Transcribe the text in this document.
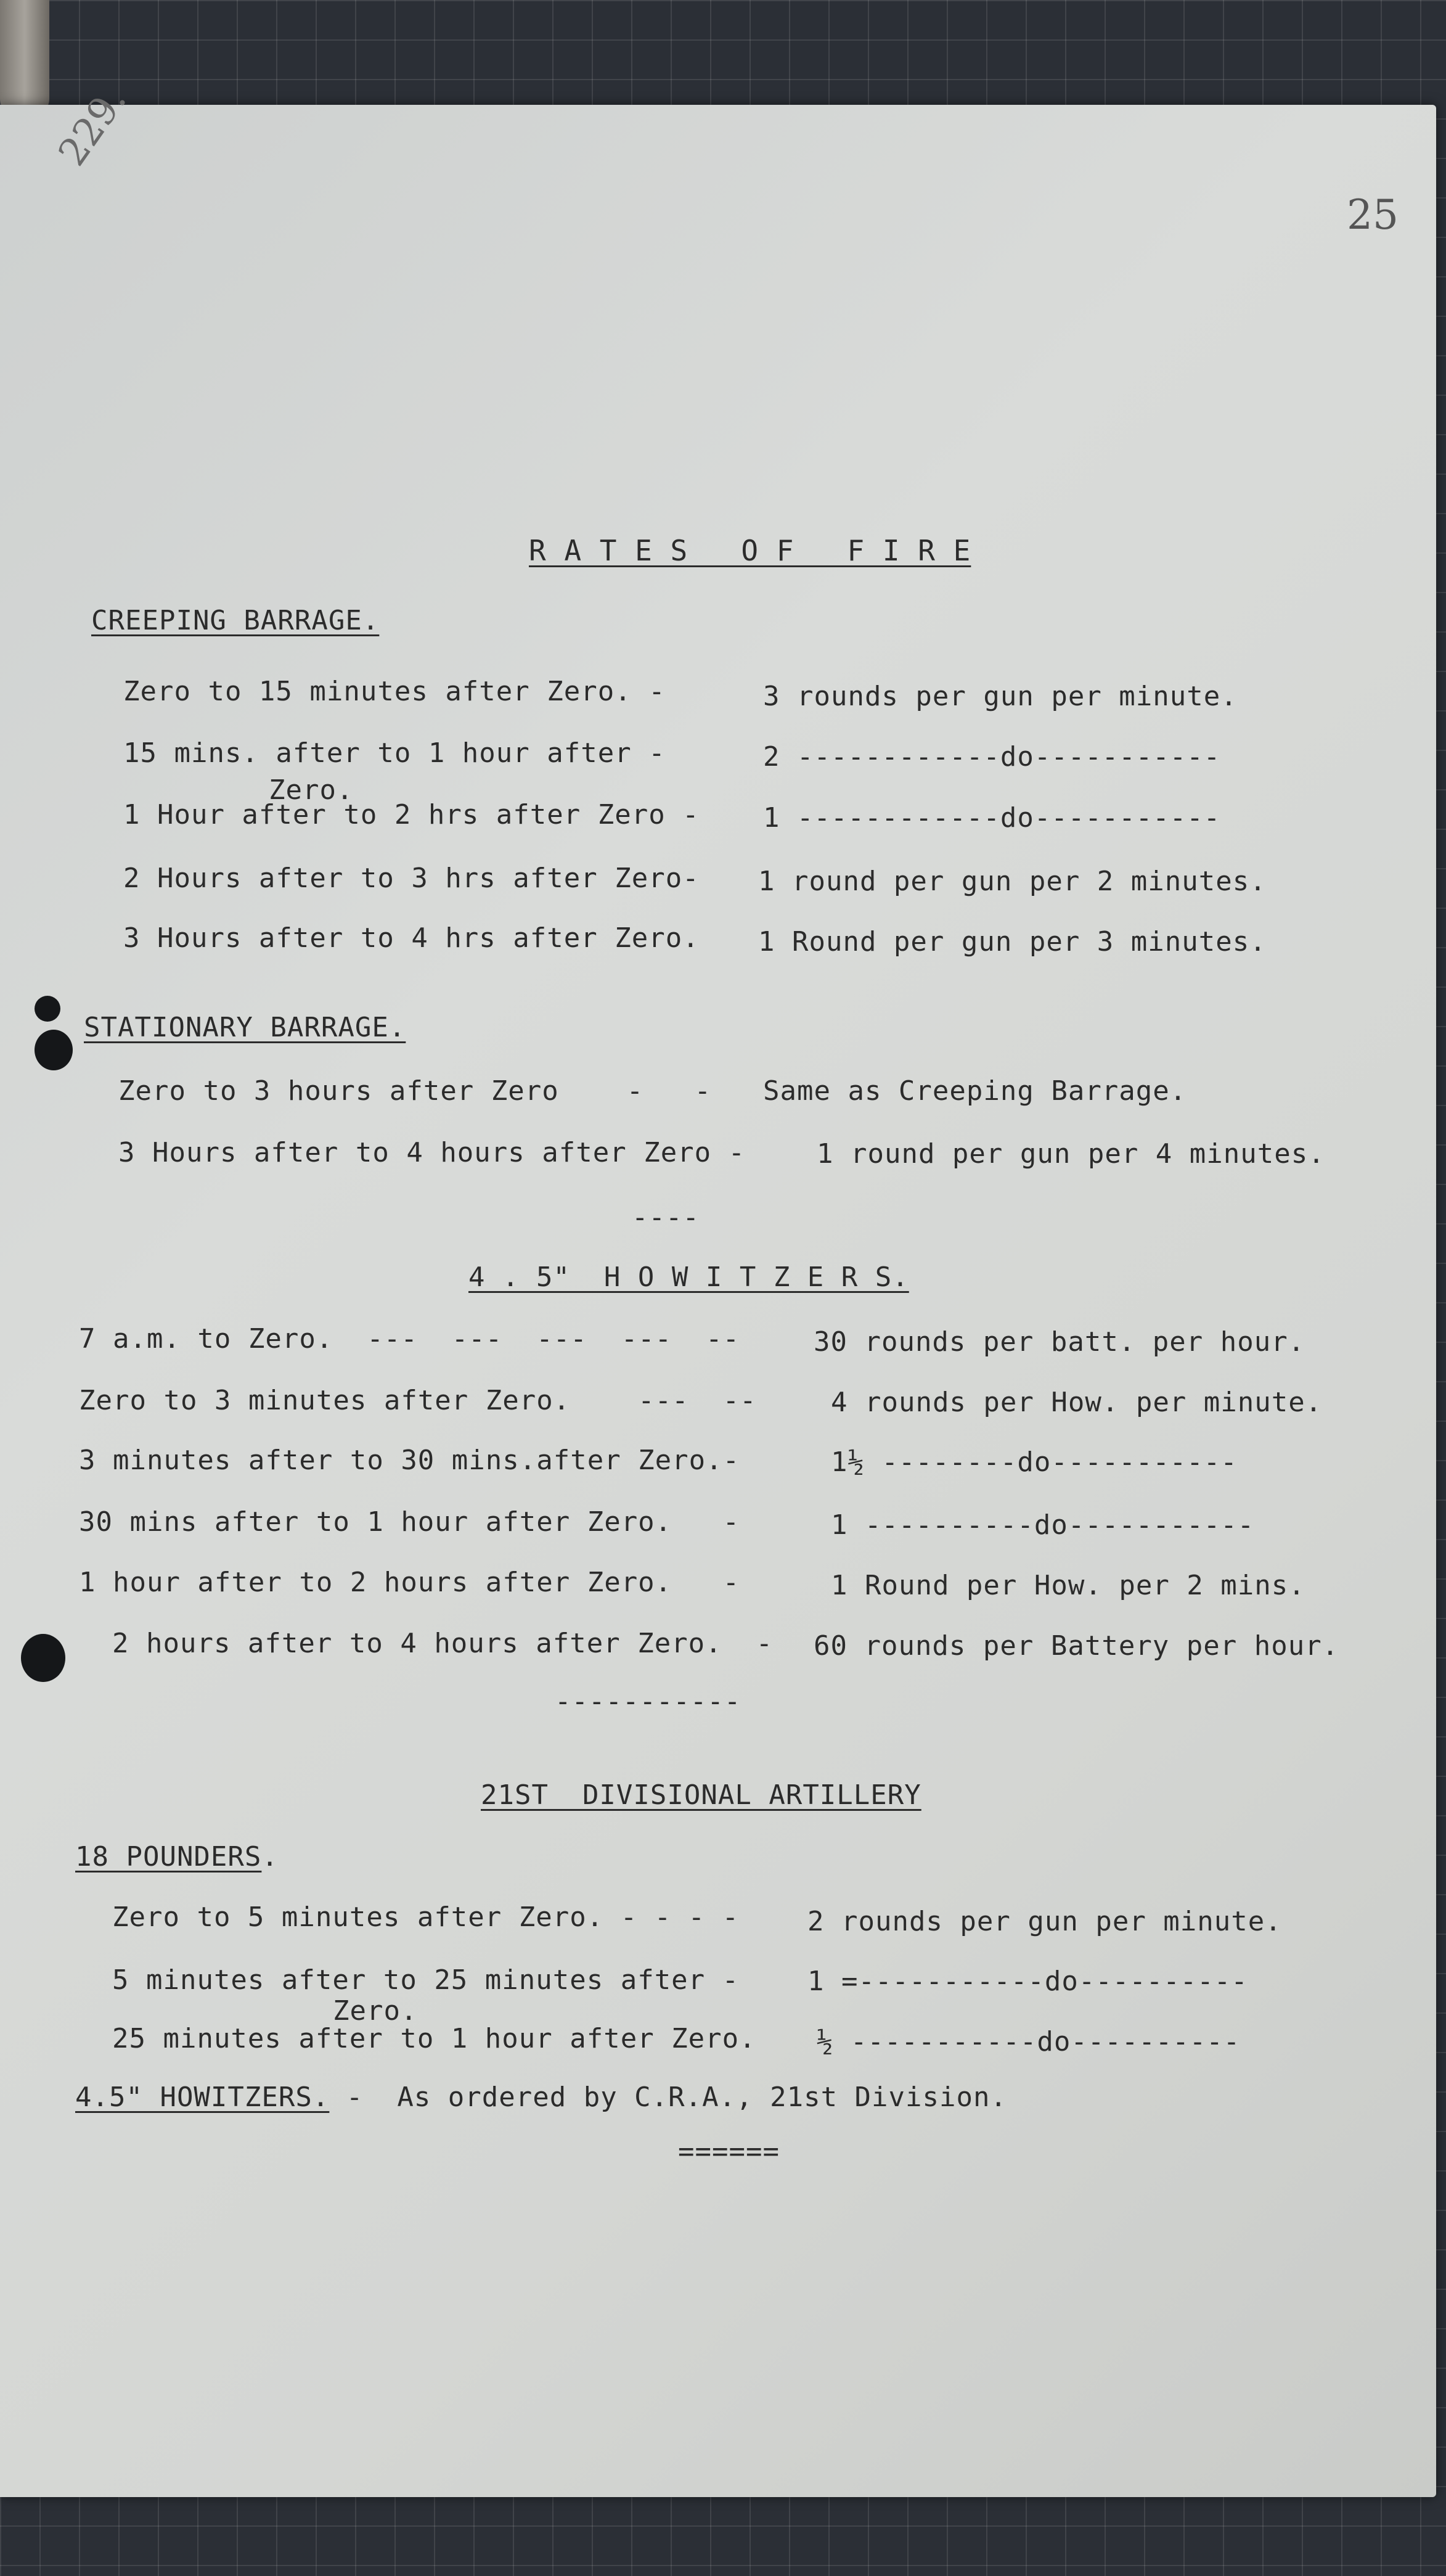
229.
25
R A T E S   O F   F I R E
CREEPING BARRAGE.
Zero to 15 minutes after Zero. -	3 rounds per gun per minute.
15 mins. after to 1 hour after -
Zero.
2 ------------do-----------
1 Hour after to 2 hrs after Zero - 1 ------------do-----------
2 Hours after to 3 hrs after Zero- 1 round per gun per 2 minutes.
3 Hours after to 4 hrs after Zero. 1 Round per gun per 3 minutes.
STATIONARY BARRAGE.
Zero to 3 hours after Zero    -   - Same as Creeping Barrage.
3 Hours after to 4 hours after Zero -	1 round per gun per 4 minutes.
----
4 . 5"  H O W I T Z E R S.
7 a.m. to Zero.  ---  ---  ---  ---  --	30 rounds per batt. per hour.
Zero to 3 minutes after Zero.    ---  --	4 rounds per How. per minute.
3 minutes after to 30 mins.after Zero.-	1½ --------do-----------
30 mins after to 1 hour after Zero.   -	1 ----------do-----------
1 hour after to 2 hours after Zero.   -	1 Round per How. per 2 mins.
2 hours after to 4 hours after Zero.  - 60 rounds per Battery per hour.
-----------
21ST  DIVISIONAL ARTILLERY
18 POUNDERS.
Zero to 5 minutes after Zero. - - - -	2 rounds per gun per minute.
5 minutes after to 25 minutes after -
Zero.
1 =-----------do----------
25 minutes after to 1 hour after Zero. ½ -----------do----------
4.5" HOWITZERS. -  As ordered by C.R.A., 21st Division.
======
